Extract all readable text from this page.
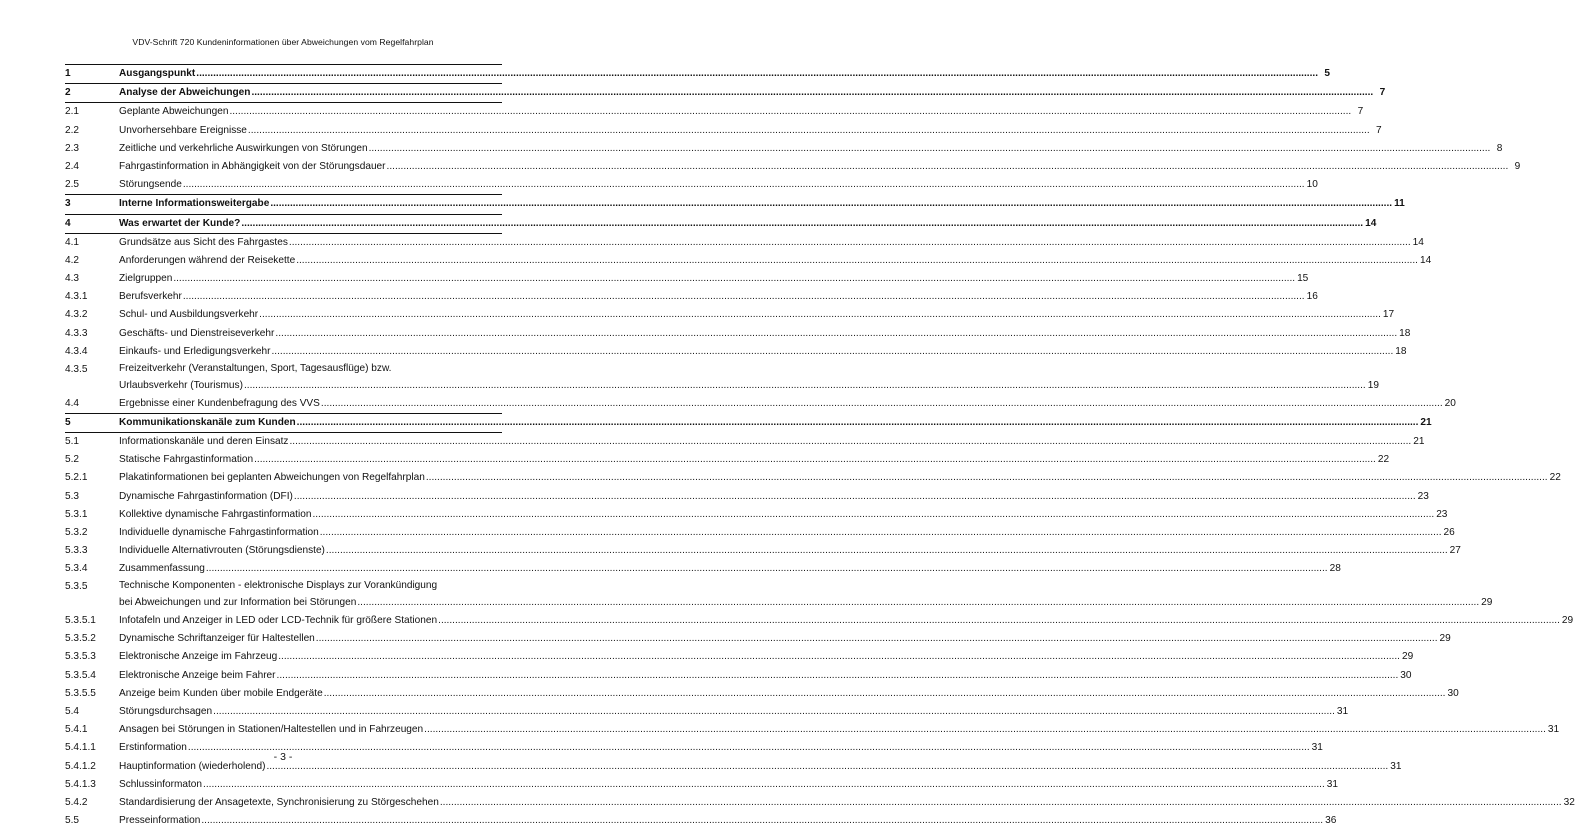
VDV-Schrift 720 Kundeninformationen über Abweichungen vom Regelfahrplan
1	Ausgangspunkt ................................................................................................................................................................................................................................................................................................................................................................................................................ 5
2	Analyse der Abweichungen ................................................................................................................................................................................................................................................................................................................................................................................................................ 7
2.1	Geplante Abweichungen ................................................................................................................................................................................................................................................................................................................................................................................................................ 7
2.2	Unvorhersehbare Ereignisse ................................................................................................................................................................................................................................................................................................................................................................................................................ 7
2.3	Zeitliche und verkehrliche Auswirkungen von Störungen ................................................................................................................................................................................................................................................................................................................................................................................................................ 8
2.4	Fahrgastinformation in Abhängigkeit von der Störungsdauer ................................................................................................................................................................................................................................................................................................................................................................................................................ 9
2.5	Störungsende ................................................................................................................................................................................................................................................................................................................................................................................................................ 10
3	Interne Informationsweitergabe ................................................................................................................................................................................................................................................................................................................................................................................................................ 11
4	Was erwartet der Kunde? ................................................................................................................................................................................................................................................................................................................................................................................................................ 14
4.1	Grundsätze aus Sicht des Fahrgastes ................................................................................................................................................................................................................................................................................................................................................................................................................ 14
4.2	Anforderungen während der Reisekette ................................................................................................................................................................................................................................................................................................................................................................................................................ 14
4.3	Zielgruppen ................................................................................................................................................................................................................................................................................................................................................................................................................ 15
4.3.1	Berufsverkehr ................................................................................................................................................................................................................................................................................................................................................................................................................ 16
4.3.2	Schul- und Ausbildungsverkehr ................................................................................................................................................................................................................................................................................................................................................................................................................ 17
4.3.3	Geschäfts- und Dienstreiseverkehr ................................................................................................................................................................................................................................................................................................................................................................................................................ 18
4.3.4	Einkaufs- und Erledigungsverkehr ................................................................................................................................................................................................................................................................................................................................................................................................................ 18
4.3.5	Freizeitverkehr (Veranstaltungen, Sport, Tagesausflüge) bzw.
Urlaubsverkehr (Tourismus) ................................................................................................................................................................................................................................................................................................................................................................................................................ 19
4.4	Ergebnisse einer Kundenbefragung des VVS ................................................................................................................................................................................................................................................................................................................................................................................................................ 20
5	Kommunikationskanäle zum Kunden ................................................................................................................................................................................................................................................................................................................................................................................................................ 21
5.1	Informationskanäle und deren Einsatz ................................................................................................................................................................................................................................................................................................................................................................................................................ 21
5.2	Statische Fahrgastinformation ................................................................................................................................................................................................................................................................................................................................................................................................................ 22
5.2.1	Plakatinformationen bei geplanten Abweichungen von Regelfahrplan ................................................................................................................................................................................................................................................................................................................................................................................................................ 22
5.3	Dynamische Fahrgastinformation (DFI) ................................................................................................................................................................................................................................................................................................................................................................................................................ 23
5.3.1	Kollektive dynamische Fahrgastinformation ................................................................................................................................................................................................................................................................................................................................................................................................................ 23
5.3.2	Individuelle dynamische Fahrgastinformation ................................................................................................................................................................................................................................................................................................................................................................................................................ 26
5.3.3	Individuelle Alternativrouten (Störungsdienste) ................................................................................................................................................................................................................................................................................................................................................................................................................ 27
5.3.4	Zusammenfassung ................................................................................................................................................................................................................................................................................................................................................................................................................ 28
5.3.5	Technische Komponenten - elektronische Displays zur Vorankündigung
bei Abweichungen und zur Information bei Störungen ................................................................................................................................................................................................................................................................................................................................................................................................................ 29
5.3.5.1	Infotafeln und Anzeiger in LED oder LCD-Technik für größere Stationen ................................................................................................................................................................................................................................................................................................................................................................................................................ 29
5.3.5.2	Dynamische Schriftanzeiger für Haltestellen ................................................................................................................................................................................................................................................................................................................................................................................................................ 29
5.3.5.3	Elektronische Anzeige im Fahrzeug ................................................................................................................................................................................................................................................................................................................................................................................................................ 29
5.3.5.4	Elektronische Anzeige beim Fahrer ................................................................................................................................................................................................................................................................................................................................................................................................................ 30
5.3.5.5	Anzeige beim Kunden über mobile Endgeräte ................................................................................................................................................................................................................................................................................................................................................................................................................ 30
5.4	Störungsdurchsagen ................................................................................................................................................................................................................................................................................................................................................................................................................ 31
5.4.1	Ansagen bei Störungen in Stationen/Haltestellen und in Fahrzeugen ................................................................................................................................................................................................................................................................................................................................................................................................................ 31
5.4.1.1	Erstinformation ................................................................................................................................................................................................................................................................................................................................................................................................................ 31
5.4.1.2	Hauptinformation (wiederholend) ................................................................................................................................................................................................................................................................................................................................................................................................................ 31
5.4.1.3	Schlussinformaton ................................................................................................................................................................................................................................................................................................................................................................................................................ 31
5.4.2	Standardisierung der Ansagetexte, Synchronisierung zu Störgeschehen ................................................................................................................................................................................................................................................................................................................................................................................................................ 32
5.5	Presseinformation ................................................................................................................................................................................................................................................................................................................................................................................................................ 36
- 3 -
